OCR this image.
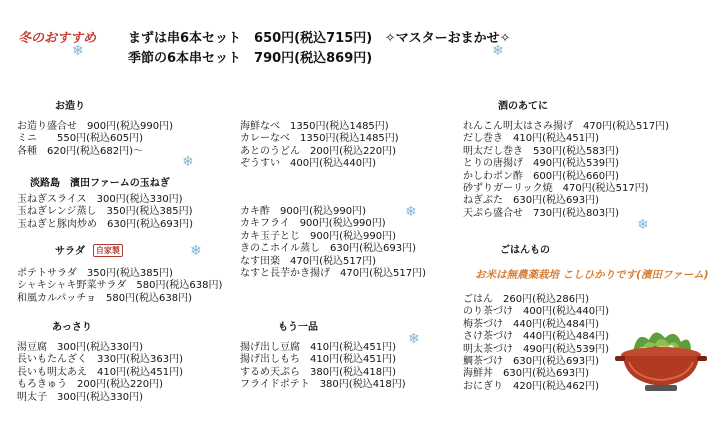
冬のおすすめ まずは串6本セット　650円(税込715円) ✧マスターおまかせ✧
季節の6本串セット　790円(税込869円)
❄	❄
❄
❄
❄
❄
❄
お造り
お造り盛合せ　900円(税込990円)
ミニ　　550円(税込605円)
各種　620円(税込682円)～
淡路島　濱田ファームの玉ねぎ
玉ねぎスライス　300円(税込330円)
玉ねぎレンジ蒸し　350円(税込385円)
玉ねぎと豚肉炒め　630円(税込693円)
サラダ 自家製
ポテトサラダ　350円(税込385円)
シャキシャキ野菜サラダ　580円(税込638円)
和風カルパッチョ　580円(税込638円)
あっさり
湯豆腐　300円(税込330円)
長いもたんざく　330円(税込363円)
長いも明太あえ　410円(税込451円)
もろきゅう　200円(税込220円)
明太子　300円(税込330円)
海鮮なべ　1350円(税込1485円)
カレーなべ　1350円(税込1485円)
あとのうどん　200円(税込220円)
ぞうすい　400円(税込440円)
カキ酢　900円(税込990円)
カキフライ　900円(税込990円)
カキ玉子とじ　900円(税込990円)
きのこホイル蒸し　630円(税込693円)
なす田楽　470円(税込517円)
なすと長芋かき揚げ　470円(税込517円)
もう一品
揚げ出し豆腐　410円(税込451円)
揚げ出しもち　410円(税込451円)
するめ天ぷら　380円(税込418円)
フライドポテト　380円(税込418円)
酒のあてに
れんこん明太はさみ揚げ　470円(税込517円)
だし巻き　410円(税込451円)
明太だし巻き　530円(税込583円)
とりの唐揚げ　490円(税込539円)
かしわポン酢　600円(税込660円)
砂ずりガーリック焼　470円(税込517円)
ねぎぶた　630円(税込693円)
天ぷら盛合せ　730円(税込803円)
ごはんもの
お米は無農薬栽培 こしひかりです(濱田ファーム)
ごはん　260円(税込286円)
のり茶づけ　400円(税込440円)
梅茶づけ　440円(税込484円)
さけ茶づけ　440円(税込484円)
明太茶づけ　490円(税込539円)
鯛茶づけ　630円(税込693円)
海鮮丼　630円(税込693円)
おにぎり　420円(税込462円)
